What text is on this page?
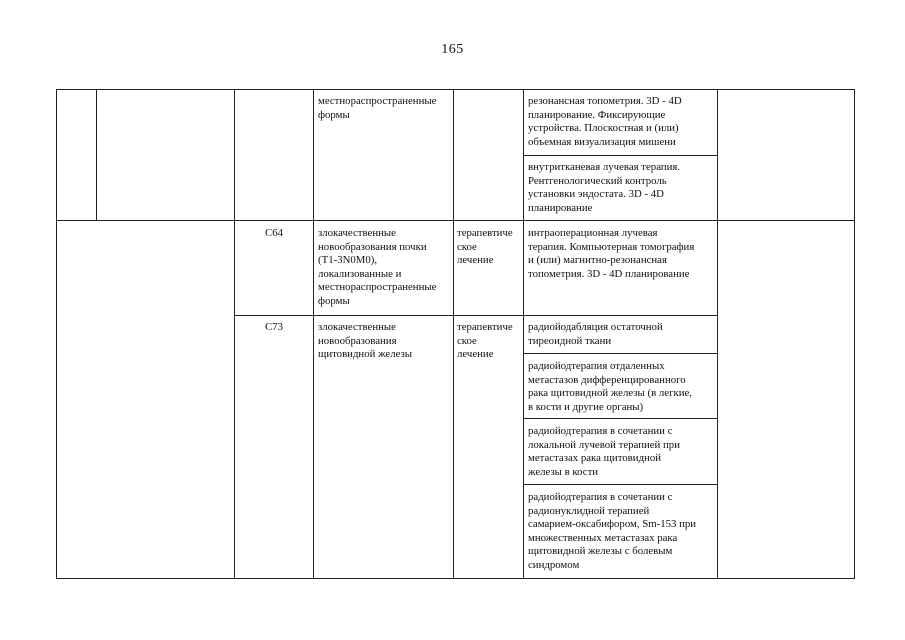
165
местнораспространенные
формы
резонансная топометрия. 3D - 4D
планирование. Фиксирующие
устройства. Плоскостная и (или)
объемная визуализация мишени
внутритканевая лучевая терапия.
Рентгенологический контроль
установки эндостата. 3D - 4D
планирование
C64	злокачественные
новообразования почки
(T1-3N0M0),
локализованные и
местнораспространенные
формы
терапевтиче
ское
лечение
интраоперационная лучевая
терапия. Компьютерная томография
и (или) магнитно-резонансная
топометрия. 3D - 4D планирование
C73	злокачественные
новообразования
щитовидной железы
терапевтиче
ское
лечение
радиойодабляция остаточной
тиреоидной ткани
радиойодтерапия отдаленных
метастазов дифференцированного
рака щитовидной железы (в легкие,
в кости и другие органы)
радиойодтерапия в сочетании с
локальной лучевой терапией при
метастазах рака щитовидной
железы в кости
радиойодтерапия в сочетании с
радионуклидной терапией
самарием-оксабифором, Sm-153 при
множественных метастазах рака
щитовидной железы с болевым
синдромом
